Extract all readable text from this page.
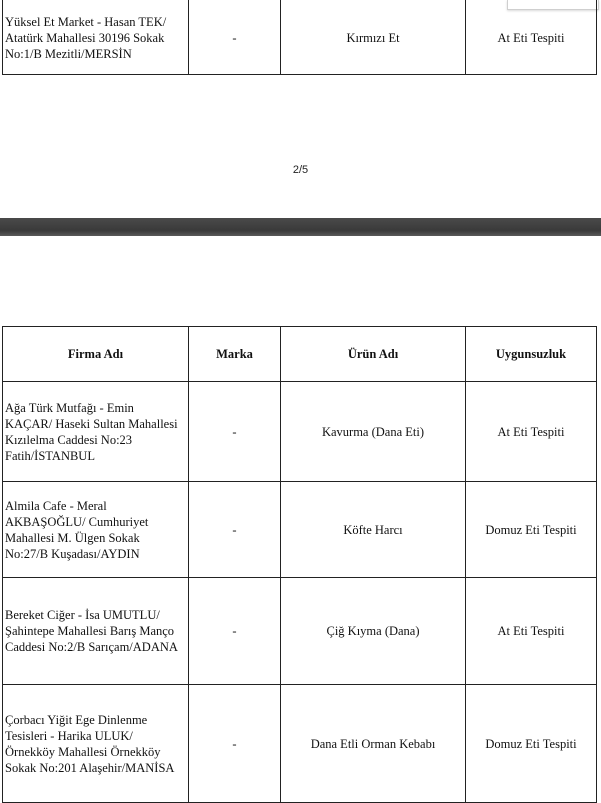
Yüksel Et Market - Hasan TEK/
Atatürk Mahallesi 30196 Sokak
No:1/B Mezitli/MERSİN
	-	Kırmızı Et	At Eti Tespiti
2/5
Firma Adı	Marka	Ürün Adı	Uygunsuzluk

Ağa Türk Mutfağı - Emin
KAÇAR/ Haseki Sultan Mahallesi
Kızılelma Caddesi No:23
Fatih/İSTANBUL	-	Kavurma (Dana Eti)	At Eti Tespiti

Almila Cafe - Meral
AKBAŞOĞLU/ Cumhuriyet
Mahallesi M. Ülgen Sokak
No:27/B Kuşadası/AYDIN	-	Köfte Harcı	Domuz Eti Tespiti

Bereket Ciğer - İsa UMUTLU/
Şahintepe Mahallesi Barış Manço
Caddesi No:2/B Sarıçam/ADANA	-	Çiğ Kıyma (Dana)	At Eti Tespiti

Çorbacı Yiğit Ege Dinlenme
Tesisleri - Harika ULUK/
Örnekköy Mahallesi Örnekköy
Sokak No:201 Alaşehir/MANİSA	-	Dana Etli Orman Kebabı	Domuz Eti Tespiti
